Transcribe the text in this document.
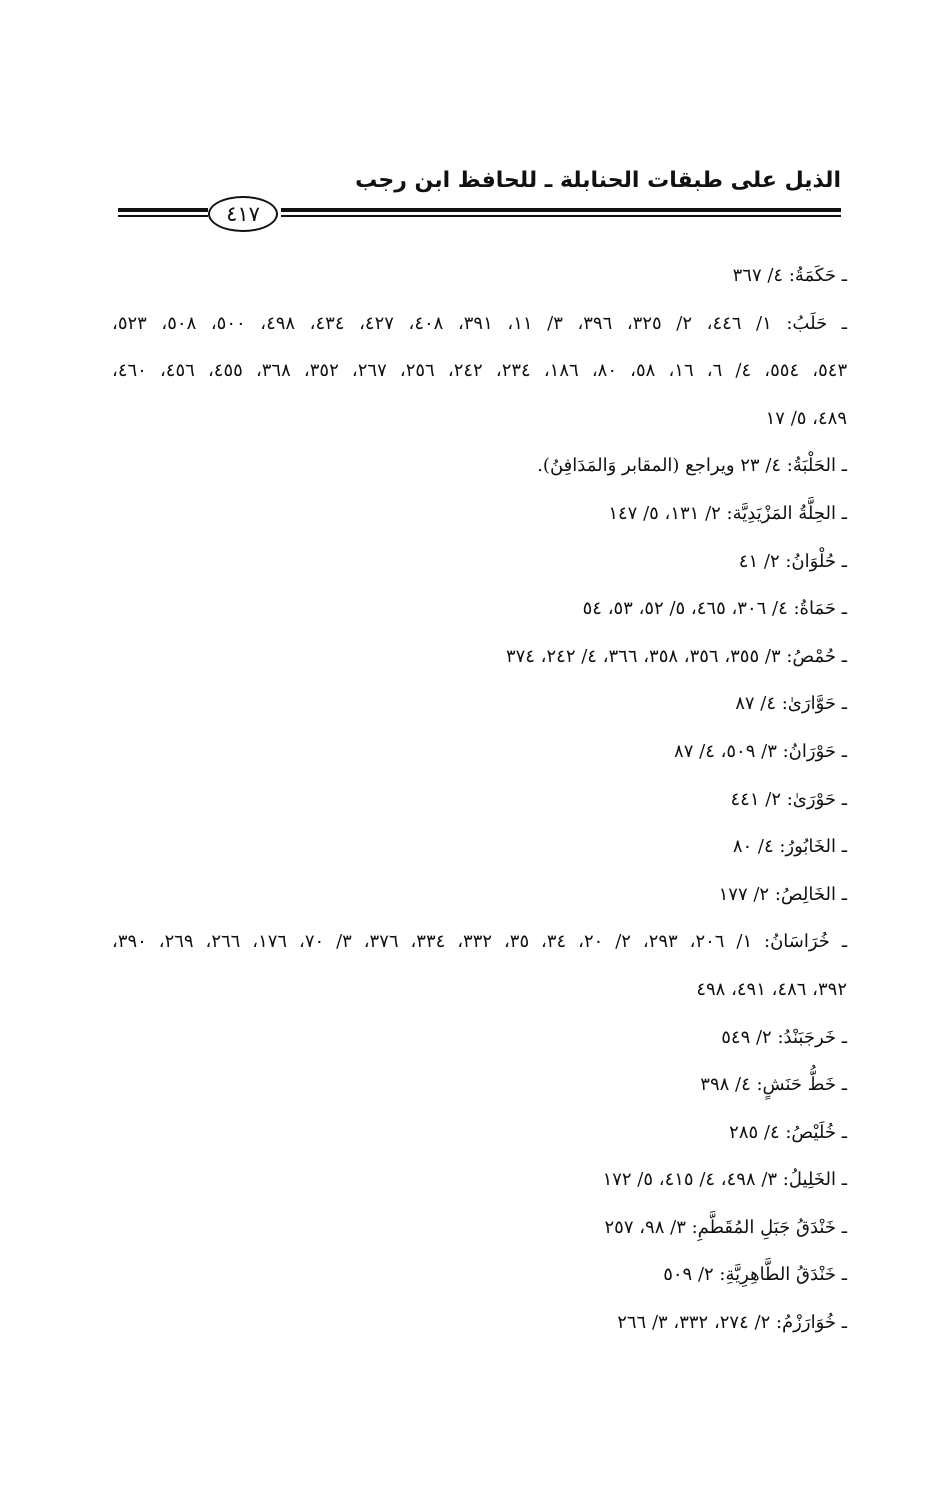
الذيل على طبقات الحنابلة ـ للحافظ ابن رجب
٤١٧
ـ حَكَمَةُ: ٤/ ٣٦٧
ـ حَلَبُ: ١/ ٤٤٦، ٢/ ٣٢٥، ٣٩٦، ٣/ ١١، ٣٩١، ٤٠٨، ٤٢٧، ٤٣٤، ٤٩٨، ٥٠٠، ٥٠٨، ٥٢٣،
٥٤٣، ٥٥٤، ٤/ ٦، ١٦، ٥٨، ٨٠، ١٨٦، ٢٣٤، ٢٤٢، ٢٥٦، ٢٦٧، ٣٥٢، ٣٦٨، ٤٥٥، ٤٥٦، ٤٦٠،
٤٨٩، ٥/ ١٧
ـ الحَلْبَةُ: ٤/ ٢٣ ويراجع (المقابر وَالمَدَافِنُ).
ـ الحِلَّةُ المَزْيَدِيَّة: ٢/ ١٣١، ٥/ ١٤٧
ـ حُلْوَانُ: ٢/ ٤١
ـ حَمَاةُ: ٤/ ٣٠٦، ٤٦٥، ٥/ ٥٢، ٥٣، ٥٤
ـ حُمْصُ: ٣/ ٣٥٥، ٣٥٦، ٣٥٨، ٣٦٦، ٤/ ٢٤٢، ٣٧٤
ـ حَوَّارَىٰ: ٤/ ٨٧
ـ حَوْرَانُ: ٣/ ٥٠٩، ٤/ ٨٧
ـ حَوْرَىٰ: ٢/ ٤٤١
ـ الخَابُورُ: ٤/ ٨٠
ـ الخَالِصُ: ٢/ ١٧٧
ـ خُرَاسَانُ: ١/ ٢٠٦، ٢٩٣، ٢/ ٢٠، ٣٤، ٣٥، ٣٣٢، ٣٣٤، ٣٧٦، ٣/ ٧٠، ١٧٦، ٢٦٦، ٢٦٩، ٣٩٠،
٣٩٢، ٤٨٦، ٤٩١، ٤٩٨
ـ خَرجَبَنْدُ: ٢/ ٥٤٩
ـ خَطُّ حَنَشٍ: ٤/ ٣٩٨
ـ خُلَيْصُ: ٤/ ٢٨٥
ـ الخَلِيلُ: ٣/ ٤٩٨، ٤/ ٤١٥، ٥/ ١٧٢
ـ خَنْدَقُ جَبَلِ المُقَطَّمِ: ٣/ ٩٨، ٢٥٧
ـ خَنْدَقُ الطَّاهِرِيَّةِ: ٢/ ٥٠٩
ـ خُوَارَزْمُ: ٢/ ٢٧٤، ٣٣٢، ٣/ ٢٦٦
